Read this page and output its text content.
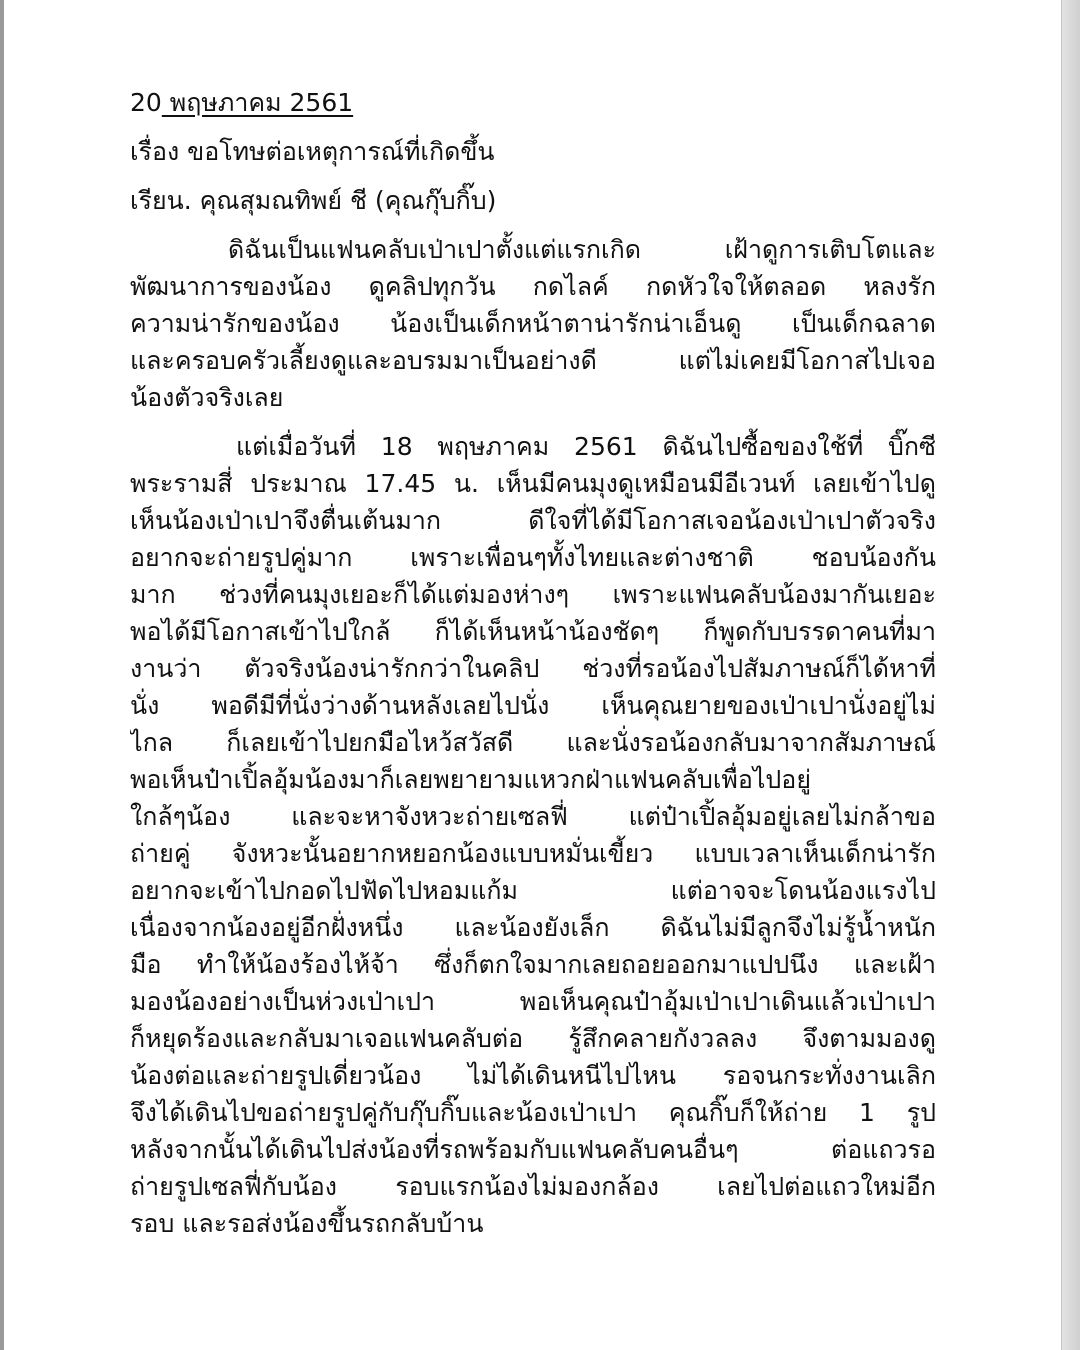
20 พฤษภาคม 2561
เรื่อง ขอโทษต่อเหตุการณ์ที่เกิดขึ้น
เรียน. คุณสุมณทิพย์ ชี (คุณกุ๊บกิ๊บ)
ดิฉันเป็นแฟนคลับเป่าเปาตั้งแต่แรกเกิด เฝ้าดูการเติบโตและ
พัฒนาการของน้อง ดูคลิปทุกวัน กดไลค์ กดหัวใจให้ตลอด หลงรัก
ความน่ารักของน้อง น้องเป็นเด็กหน้าตาน่ารักน่าเอ็นดู เป็นเด็กฉลาด
และครอบครัวเลี้ยงดูและอบรมมาเป็นอย่างดี แต่ไม่เคยมีโอกาสไปเจอ
น้องตัวจริงเลย
แต่เมื่อวันที่ 18 พฤษภาคม 2561 ดิฉันไปซื้อของใช้ที่ บิ๊กซี
พระรามสี่ ประมาณ 17.45 น. เห็นมีคนมุงดูเหมือนมีอีเวนท์ เลยเข้าไปดู
เห็นน้องเป่าเปาจึงตื่นเต้นมาก ดีใจที่ได้มีโอกาสเจอน้องเป่าเปาตัวจริง
อยากจะถ่ายรูปคู่มาก เพราะเพื่อนๆทั้งไทยและต่างชาติ ชอบน้องกัน
มาก ช่วงที่คนมุงเยอะก็ได้แต่มองห่างๆ เพราะแฟนคลับน้องมากันเยอะ
พอได้มีโอกาสเข้าไปใกล้ ก็ได้เห็นหน้าน้องชัดๆ ก็พูดกับบรรดาคนที่มา
งานว่า ตัวจริงน้องน่ารักกว่าในคลิป ช่วงที่รอน้องไปสัมภาษณ์ก็ได้หาที่
นั่ง พอดีมีที่นั่งว่างด้านหลังเลยไปนั่ง เห็นคุณยายของเป่าเปานั่งอยู่ไม่
ไกล ก็เลยเข้าไปยกมือไหว้สวัสดี และนั่งรอน้องกลับมาจากสัมภาษณ์
พอเห็นป๋าเปิ้ลอุ้มน้องมาก็เลยพยายามแหวกฝ่าแฟนคลับเพื่อไปอยู่
ใกล้ๆน้อง และจะหาจังหวะถ่ายเซลฟี่ แต่ป๋าเปิ้ลอุ้มอยู่เลยไม่กล้าขอ
ถ่ายคู่ จังหวะนั้นอยากหยอกน้องแบบหมั่นเขี้ยว แบบเวลาเห็นเด็กน่ารัก
อยากจะเข้าไปกอดไปฟัดไปหอมแก้ม แต่อาจจะโดนน้องแรงไป
เนื่องจากน้องอยู่อีกฝั่งหนึ่ง และน้องยังเล็ก ดิฉันไม่มีลูกจึงไม่รู้น้ำหนัก
มือ ทำให้น้องร้องไห้จ้า ซึ่งก็ตกใจมากเลยถอยออกมาแปปนึง และเฝ้า
มองน้องอย่างเป็นห่วงเป่าเปา พอเห็นคุณป๋าอุ้มเป่าเปาเดินแล้วเป่าเปา
ก็หยุดร้องและกลับมาเจอแฟนคลับต่อ รู้สึกคลายกังวลลง จึงตามมองดู
น้องต่อและถ่ายรูปเดี่ยวน้อง ไม่ได้เดินหนีไปไหน รอจนกระทั่งงานเลิก
จึงได้เดินไปขอถ่ายรูปคู่กับกุ๊บกิ๊บและน้องเป่าเปา คุณกิ๊บก็ให้ถ่าย 1 รูป
หลังจากนั้นได้เดินไปส่งน้องที่รถพร้อมกับแฟนคลับคนอื่นๆ ต่อแถวรอ
ถ่ายรูปเซลฟี่กับน้อง รอบแรกน้องไม่มองกล้อง เลยไปต่อแถวใหม่อีก
รอบ และรอส่งน้องขึ้นรถกลับบ้าน
